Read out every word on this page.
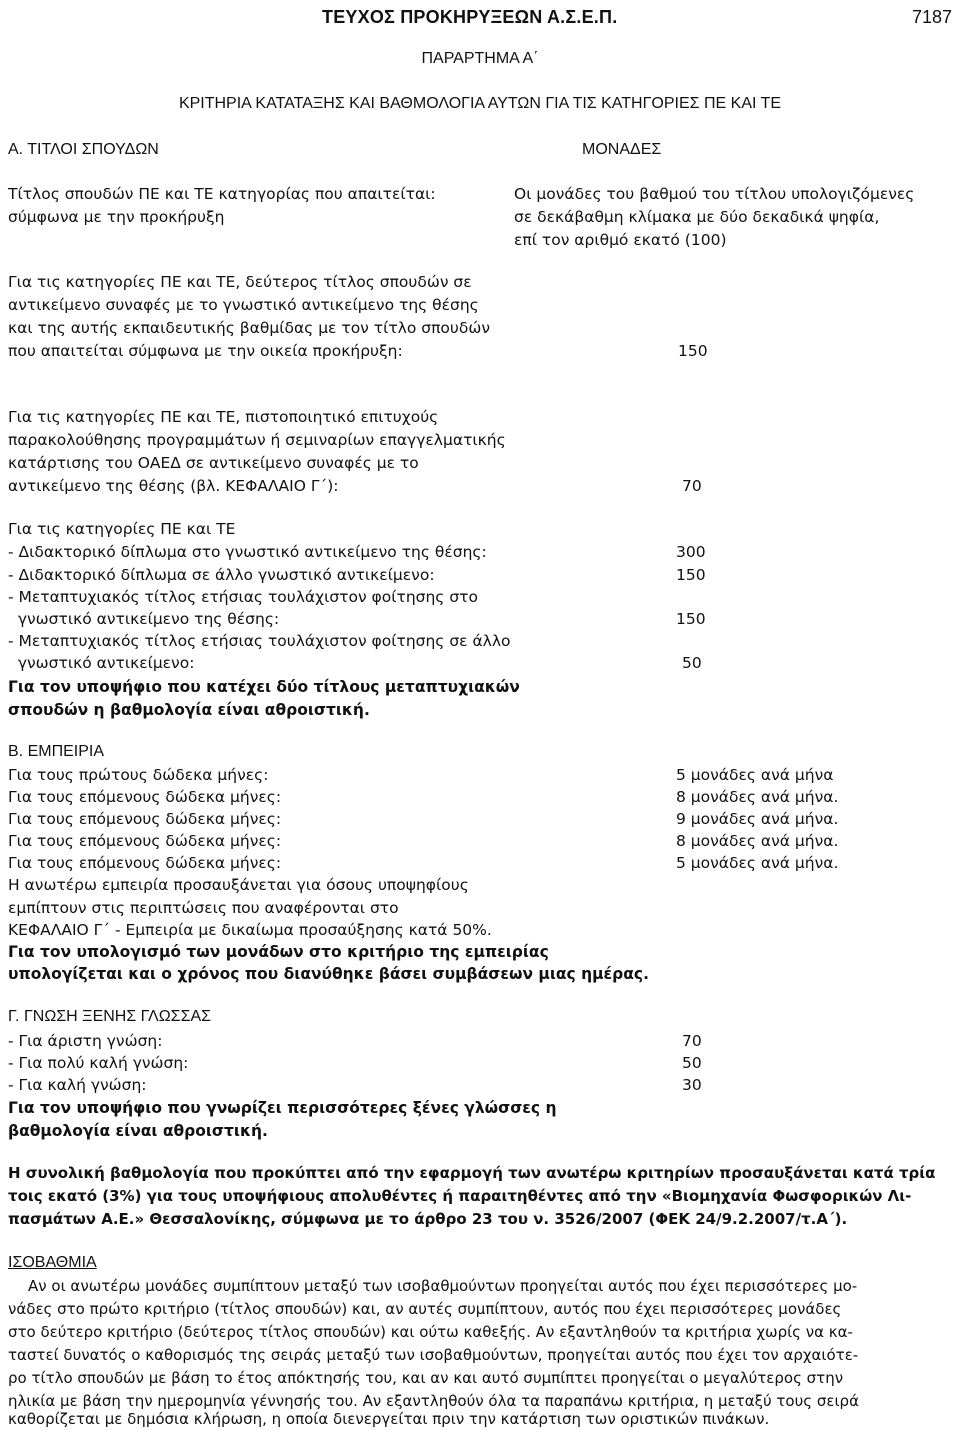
ΤΕΥΧΟΣ ΠΡΟΚΗΡΥΞΕΩΝ Α.Σ.Ε.Π.	7187
ΠΑΡΑΡΤΗΜΑ Α΄
ΚΡΙΤΗΡΙΑ ΚΑΤΑΤΑΞΗΣ ΚΑΙ ΒΑΘΜΟΛΟΓΙΑ ΑΥΤΩΝ ΓΙΑ ΤΙΣ ΚΑΤΗΓΟΡΙΕΣ ΠΕ ΚΑΙ ΤΕ
Α. ΤΙΤΛΟΙ ΣΠΟΥΔΩΝ	ΜΟΝΑΔΕΣ
Τίτλος σπουδών ΠΕ και ΤΕ κατηγορίας που απαιτείται:
σύμφωνα με την προκήρυξη
Οι μονάδες του βαθμού του τίτλου υπολογιζόμενες
σε δεκάβαθμη κλίμακα με δύο δεκαδικά ψηφία,
επί τον αριθμό εκατό (100)
Για τις κατηγορίες ΠΕ και ΤΕ, δεύτερος τίτλος σπουδών σε
αντικείμενο συναφές με το γνωστικό αντικείμενο της θέσης
και της αυτής εκπαιδευτικής βαθμίδας με τον τίτλο σπουδών
που απαιτείται σύμφωνα με την οικεία προκήρυξη:	150
Για τις κατηγορίες ΠΕ και ΤΕ, πιστοποιητικό επιτυχούς
παρακολούθησης προγραμμάτων ή σεμιναρίων επαγγελματικής
κατάρτισης του ΟΑΕΔ σε αντικείμενο συναφές με το
αντικείμενο της θέσης (βλ. ΚΕΦΑΛΑΙΟ Γ΄):	70
Για τις κατηγορίες ΠΕ και ΤΕ
- Διδακτορικό δίπλωμα στο γνωστικό αντικείμενο της θέσης:	300
- Διδακτορικό δίπλωμα σε άλλο γνωστικό αντικείμενο:	150
- Μεταπτυχιακός τίτλος ετήσιας τουλάχιστον φοίτησης στο
γνωστικό αντικείμενο της θέσης:	150
- Μεταπτυχιακός τίτλος ετήσιας τουλάχιστον φοίτησης σε άλλο
γνωστικό αντικείμενο:	50
Για τον υποψήφιο που κατέχει δύο τίτλους μεταπτυχιακών
σπουδών η βαθμολογία είναι αθροιστική.
Β. ΕΜΠΕΙΡΙΑ
Για τους πρώτους δώδεκα μήνες:	5 μονάδες ανά μήνα
Για τους επόμενους δώδεκα μήνες:	8 μονάδες ανά μήνα.
Για τους επόμενους δώδεκα μήνες:	9 μονάδες ανά μήνα.
Για τους επόμενους δώδεκα μήνες:	8 μονάδες ανά μήνα.
Για τους επόμενους δώδεκα μήνες:	5 μονάδες ανά μήνα.
Η ανωτέρω εμπειρία προσαυξάνεται για όσους υποψηφίους
εμπίπτουν στις περιπτώσεις που αναφέρονται στο
ΚΕΦΑΛΑΙΟ Γ΄ - Εμπειρία με δικαίωμα προσαύξησης κατά 50%.
Για τον υπολογισμό των μονάδων στο κριτήριο της εμπειρίας
υπολογίζεται και ο χρόνος που διανύθηκε βάσει συμβάσεων μιας ημέρας.
Γ. ΓΝΩΣΗ ΞΕΝΗΣ ΓΛΩΣΣΑΣ
- Για άριστη γνώση:	70
- Για πολύ καλή γνώση:	50
- Για καλή γνώση:	30
Για τον υποψήφιο που γνωρίζει περισσότερες ξένες γλώσσες η
βαθμολογία είναι αθροιστική.
Η συνολική βαθμολογία που προκύπτει από την εφαρμογή των ανωτέρω κριτηρίων προσαυξάνεται κατά τρία
τοις εκατό (3%) για τους υποψήφιους απολυθέντες ή παραιτηθέντες από την «Βιομηχανία Φωσφορικών Λι-
πασμάτων Α.Ε.» Θεσσαλονίκης, σύμφωνα με το άρθρο 23 του ν. 3526/2007 (ΦΕΚ 24/9.2.2007/τ.Α΄).
ΙΣΟΒΑΘΜΙΑ
Αν οι ανωτέρω μονάδες συμπίπτουν μεταξύ των ισοβαθμούντων προηγείται αυτός που έχει περισσότερες μο-
νάδες στο πρώτο κριτήριο (τίτλος σπουδών) και, αν αυτές συμπίπτουν, αυτός που έχει περισσότερες μονάδες
στο δεύτερο κριτήριο (δεύτερος τίτλος σπουδών) και ούτω καθεξής. Αν εξαντληθούν τα κριτήρια χωρίς να κα-
ταστεί δυνατός ο καθορισμός της σειράς μεταξύ των ισοβαθμούντων, προηγείται αυτός που έχει τον αρχαιότε-
ρο τίτλο σπουδών με βάση το έτος απόκτησής του, και αν και αυτό συμπίπτει προηγείται ο μεγαλύτερος στην
ηλικία με βάση την ημερομηνία γέννησής του. Αν εξαντληθούν όλα τα παραπάνω κριτήρια, η μεταξύ τους σειρά
καθορίζεται με δημόσια κλήρωση, η οποία διενεργείται πριν την κατάρτιση των οριστικών πινάκων.
